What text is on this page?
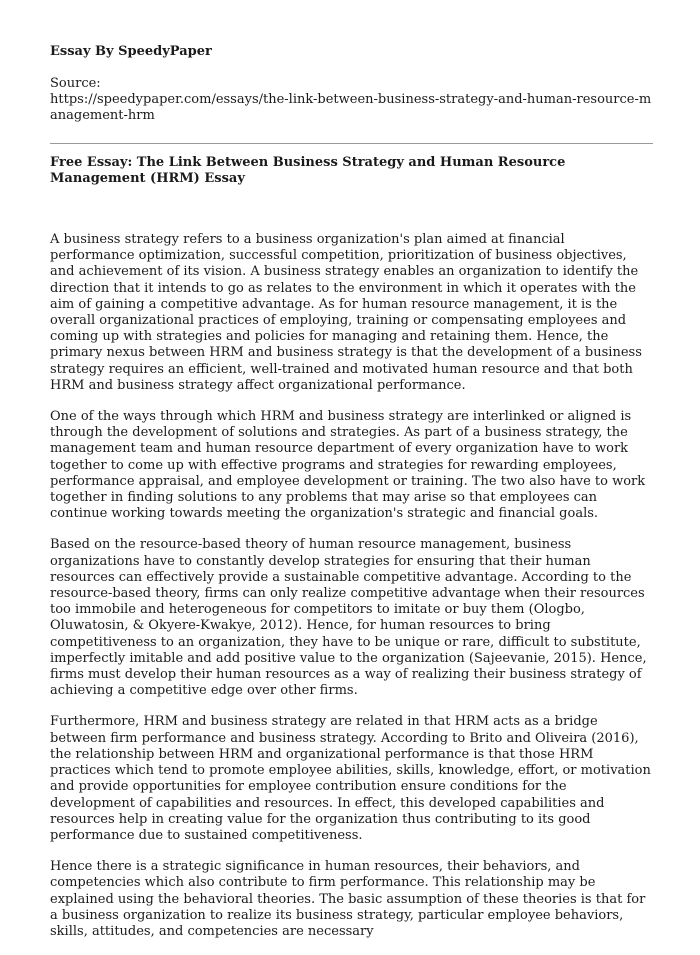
Essay By SpeedyPaper
Source:
https://speedypaper.com/essays/the-link-between-business-strategy-and-human-resource-management-hrm
Free Essay: The Link Between Business Strategy and Human Resource Management (HRM) Essay

A business strategy refers to a business organization's plan aimed at financial performance optimization, successful competition, prioritization of business objectives, and achievement of its vision. A business strategy enables an organization to identify the direction that it intends to go as relates to the environment in which it operates with the aim of gaining a competitive advantage. As for human resource management, it is the overall organizational practices of employing, training or compensating employees and coming up with strategies and policies for managing and retaining them. Hence, the primary nexus between HRM and business strategy is that the development of a business strategy requires an efficient, well-trained and motivated human resource and that both HRM and business strategy affect organizational performance.

One of the ways through which HRM and business strategy are interlinked or aligned is through the development of solutions and strategies. As part of a business strategy, the management team and human resource department of every organization have to work together to come up with effective programs and strategies for rewarding employees, performance appraisal, and employee development or training. The two also have to work together in finding solutions to any problems that may arise so that employees can continue working towards meeting the organization's strategic and financial goals.

Based on the resource-based theory of human resource management, business organizations have to constantly develop strategies for ensuring that their human resources can effectively provide a sustainable competitive advantage. According to the resource-based theory, firms can only realize competitive advantage when their resources too immobile and heterogeneous for competitors to imitate or buy them (Ologbo, Oluwatosin, & Okyere-Kwakye, 2012). Hence, for human resources to bring competitiveness to an organization, they have to be unique or rare, difficult to substitute, imperfectly imitable and add positive value to the organization (Sajeevanie, 2015). Hence, firms must develop their human resources as a way of realizing their business strategy of achieving a competitive edge over other firms.

Furthermore, HRM and business strategy are related in that HRM acts as a bridge between firm performance and business strategy. According to Brito and Oliveira (2016), the relationship between HRM and organizational performance is that those HRM practices which tend to promote employee abilities, skills, knowledge, effort, or motivation and provide opportunities for employee contribution ensure conditions for the development of capabilities and resources. In effect, this developed capabilities and resources help in creating value for the organization thus contributing to its good performance due to sustained competitiveness.

Hence there is a strategic significance in human resources, their behaviors, and competencies which also contribute to firm performance. This relationship may be explained using the behavioral theories. The basic assumption of these theories is that for a business organization to realize its business strategy, particular employee behaviors, skills, attitudes, and competencies are necessary
